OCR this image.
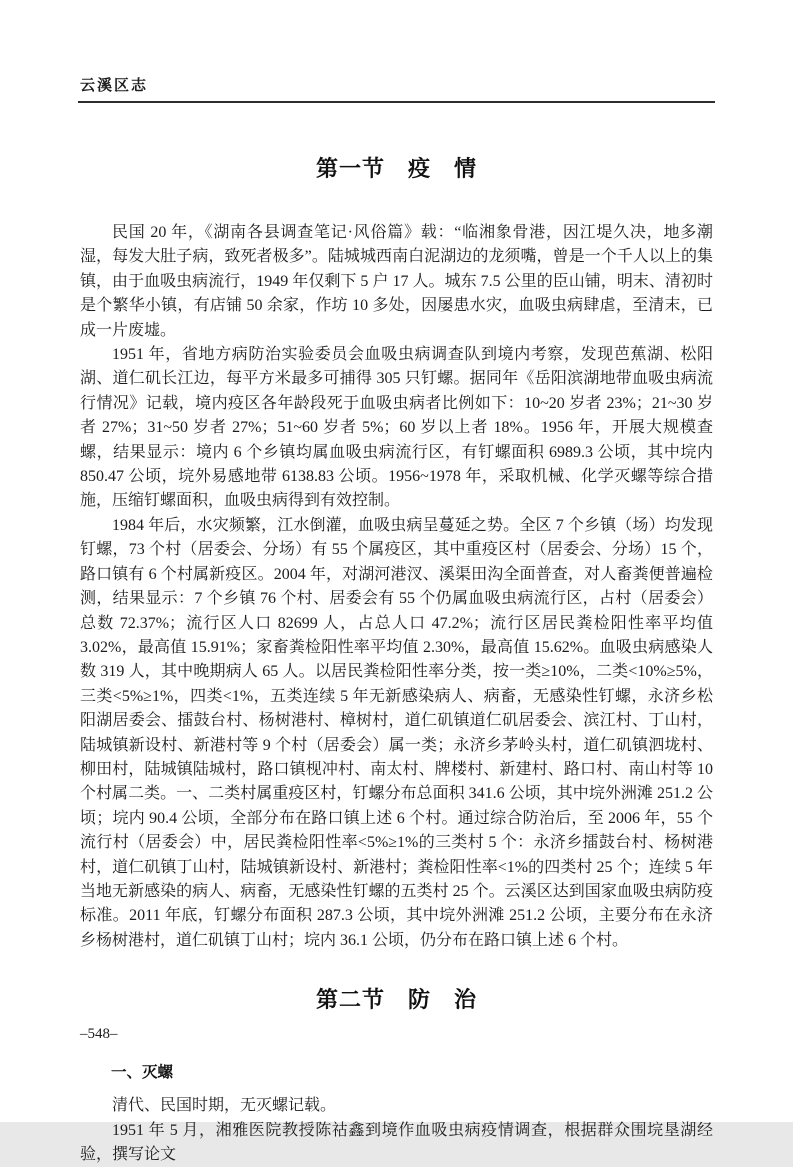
云溪区志
第一节　疫　情

民国 20 年，《湖南各县调查笔记·风俗篇》载：“临湘象骨港，因江堤久决，地多潮湿，每发大肚子病，致死者极多”。陆城城西南白泥湖边的龙须嘴，曾是一个千人以上的集镇，由于血吸虫病流行，1949 年仅剩下 5 户 17 人。城东 7.5 公里的臣山铺，明末、清初时是个繁华小镇，有店铺 50 余家，作坊 10 多处，因屡患水灾，血吸虫病肆虐，至清末，已成一片废墟。

1951 年，省地方病防治实验委员会血吸虫病调查队到境内考察，发现芭蕉湖、松阳湖、道仁矶长江边，每平方米最多可捕得 305 只钉螺。据同年《岳阳滨湖地带血吸虫病流行情况》记载，境内疫区各年龄段死于血吸虫病者比例如下：10~20 岁者 23%；21~30 岁者 27%；31~50 岁者 27%；51~60 岁者 5%；60 岁以上者 18%。1956 年，开展大规模查螺，结果显示：境内 6 个乡镇均属血吸虫病流行区，有钉螺面积 6989.3 公顷，其中垸内 850.47 公顷，垸外易感地带 6138.83 公顷。1956~1978 年，采取机械、化学灭螺等综合措施，压缩钉螺面积，血吸虫病得到有效控制。

1984 年后，水灾频繁，江水倒灌，血吸虫病呈蔓延之势。全区 7 个乡镇（场）均发现钉螺，73 个村（居委会、分场）有 55 个属疫区，其中重疫区村（居委会、分场）15 个，路口镇有 6 个村属新疫区。2004 年，对湖河港汊、溪渠田沟全面普查，对人畜粪便普遍检测，结果显示：7 个乡镇 76 个村、居委会有 55 个仍属血吸虫病流行区，占村（居委会）总数 72.37%；流行区人口 82699 人，占总人口 47.2%；流行区居民粪检阳性率平均值 3.02%，最高值 15.91%；家畜粪检阳性率平均值 2.30%，最高值 15.62%。血吸虫病感染人数 319 人，其中晚期病人 65 人。以居民粪检阳性率分类，按一类≥10%，二类<10%≥5%，三类<5%≥1%，四类<1%，五类连续 5 年无新感染病人、病畜，无感染性钉螺，永济乡松阳湖居委会、擂鼓台村、杨树港村、樟树村，道仁矶镇道仁矶居委会、滨江村、丁山村，陆城镇新设村、新港村等 9 个村（居委会）属一类；永济乡茅岭头村，道仁矶镇泗垅村、柳田村，陆城镇陆城村，路口镇枧冲村、南太村、牌楼村、新建村、路口村、南山村等 10 个村属二类。一、二类村属重疫区村，钉螺分布总面积 341.6 公顷，其中垸外洲滩 251.2 公顷；垸内 90.4 公顷，全部分布在路口镇上述 6 个村。通过综合防治后，至 2006 年，55 个流行村（居委会）中，居民粪检阳性率<5%≥1%的三类村 5 个：永济乡擂鼓台村、杨树港村，道仁矶镇丁山村，陆城镇新设村、新港村；粪检阳性率<1%的四类村 25 个；连续 5 年当地无新感染的病人、病畜，无感染性钉螺的五类村 25 个。云溪区达到国家血吸虫病防疫标准。2011 年底，钉螺分布面积 287.3 公顷，其中垸外洲滩 251.2 公顷，主要分布在永济乡杨树港村，道仁矶镇丁山村；垸内 36.1 公顷，仍分布在路口镇上述 6 个村。

第二节　防　治
一、灭螺

清代、民国时期，无灭螺记载。

1951 年 5 月，湘雅医院教授陈祜鑫到境作血吸虫病疫情调查，根据群众围垸垦湖经验，撰写论文

–548–
